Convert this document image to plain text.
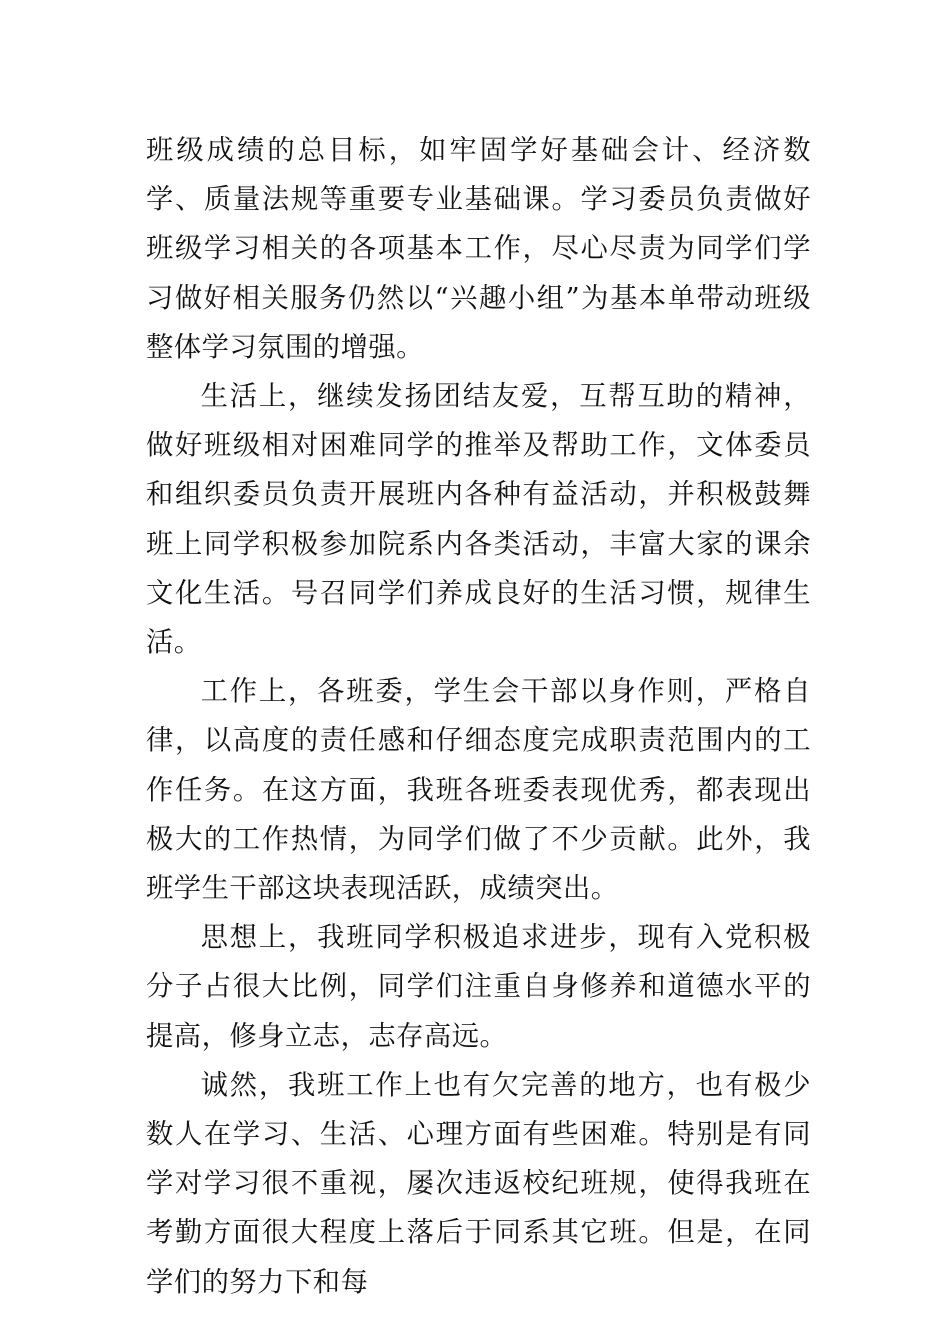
班级成绩的总目标，如牢固学好基础会计、经济数学、质量法规等重要专业基础课。学习委员负责做好班级学习相关的各项基本工作，尽心尽责为同学们学习做好相关服务仍然以“兴趣小组”为基本单带动班级整体学习氛围的增强。

生活上，继续发扬团结友爱，互帮互助的精神，做好班级相对困难同学的推举及帮助工作，文体委员和组织委员负责开展班内各种有益活动，并积极鼓舞班上同学积极参加院系内各类活动，丰富大家的课余文化生活。号召同学们养成良好的生活习惯，规律生活。

工作上，各班委，学生会干部以身作则，严格自律，以高度的责任感和仔细态度完成职责范围内的工作任务。在这方面，我班各班委表现优秀，都表现出极大的工作热情，为同学们做了不少贡献。此外，我班学生干部这块表现活跃，成绩突出。

思想上，我班同学积极追求进步，现有入党积极分子占很大比例，同学们注重自身修养和道德水平的提高，修身立志，志存高远。

诚然，我班工作上也有欠完善的地方，也有极少数人在学习、生活、心理方面有些困难。特别是有同学对学习很不重视，屡次违返校纪班规，使得我班在考勤方面很大程度上落后于同系其它班。但是，在同学们的努力下和每
